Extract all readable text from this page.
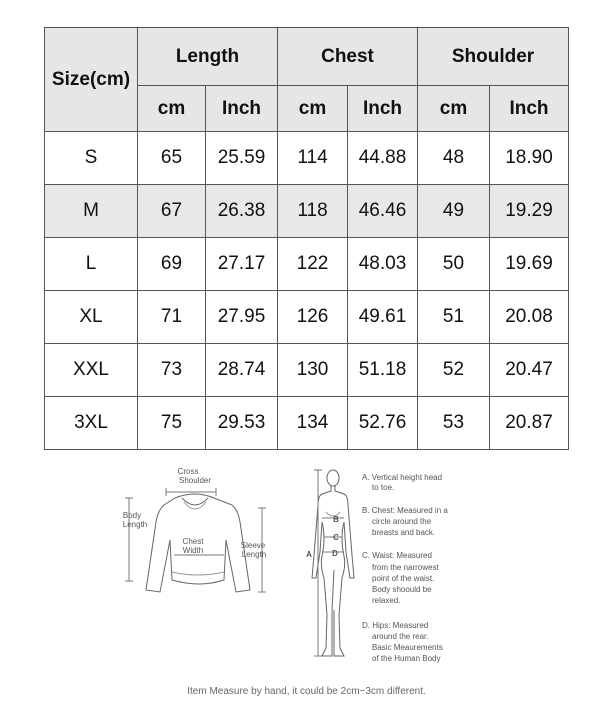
Size(cm)	Length		Chest		Shoulder	
	cm	Inch	cm	Inch	cm	Inch
S	65	25.59	114	44.88	48	18.90
M	67	26.38	118	46.46	49	19.29
L	69	27.17	122	48.03	50	19.69
XL	71	27.95	126	49.61	51	20.08
XXL	73	28.74	130	51.18	52	20.47
3XL	75	29.53	134	52.76	53	20.87
Cross
Shoulder
Body
Length
Chest
Width
Sleeve
Length	A
B
C
D
A. Vertical height head
to toe.
B. Chest: Measured in a
circle around the
breasts and back.
C. Waist: Measured
from the narrowest
point of the waist.
Body shoould be
relaxed.
D. Hips: Measured
around the rear.
Basic Meaurements
of the Human Body
Item Measure by hand, it could be 2cm~3cm different.
